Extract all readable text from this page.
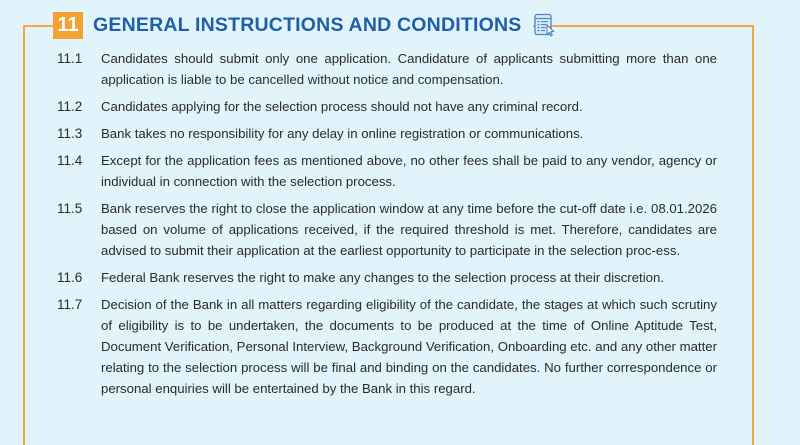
11 GENERAL INSTRUCTIONS AND CONDITIONS
11.1 Candidates should submit only one application. Candidature of applicants submitting more than one application is liable to be cancelled without notice and compensation.
11.2 Candidates applying for the selection process should not have any criminal record.
11.3 Bank takes no responsibility for any delay in online registration or communications.
11.4 Except for the application fees as mentioned above, no other fees shall be paid to any vendor, agency or individual in connection with the selection process.
11.5 Bank reserves the right to close the application window at any time before the cut-off date i.e. 08.01.2026 based on volume of applications received, if the required threshold is met. Therefore, candidates are advised to submit their application at the earliest opportunity to participate in the selection proc-ess.
11.6 Federal Bank reserves the right to make any changes to the selection process at their discretion.
11.7 Decision of the Bank in all matters regarding eligibility of the candidate, the stages at which such scrutiny of eligibility is to be undertaken, the documents to be produced at the time of Online Aptitude Test, Document Verification, Personal Interview, Background Verification, Onboarding etc. and any other matter relating to the selection process will be final and binding on the candidates. No further correspondence or personal enquiries will be entertained by the Bank in this regard.
